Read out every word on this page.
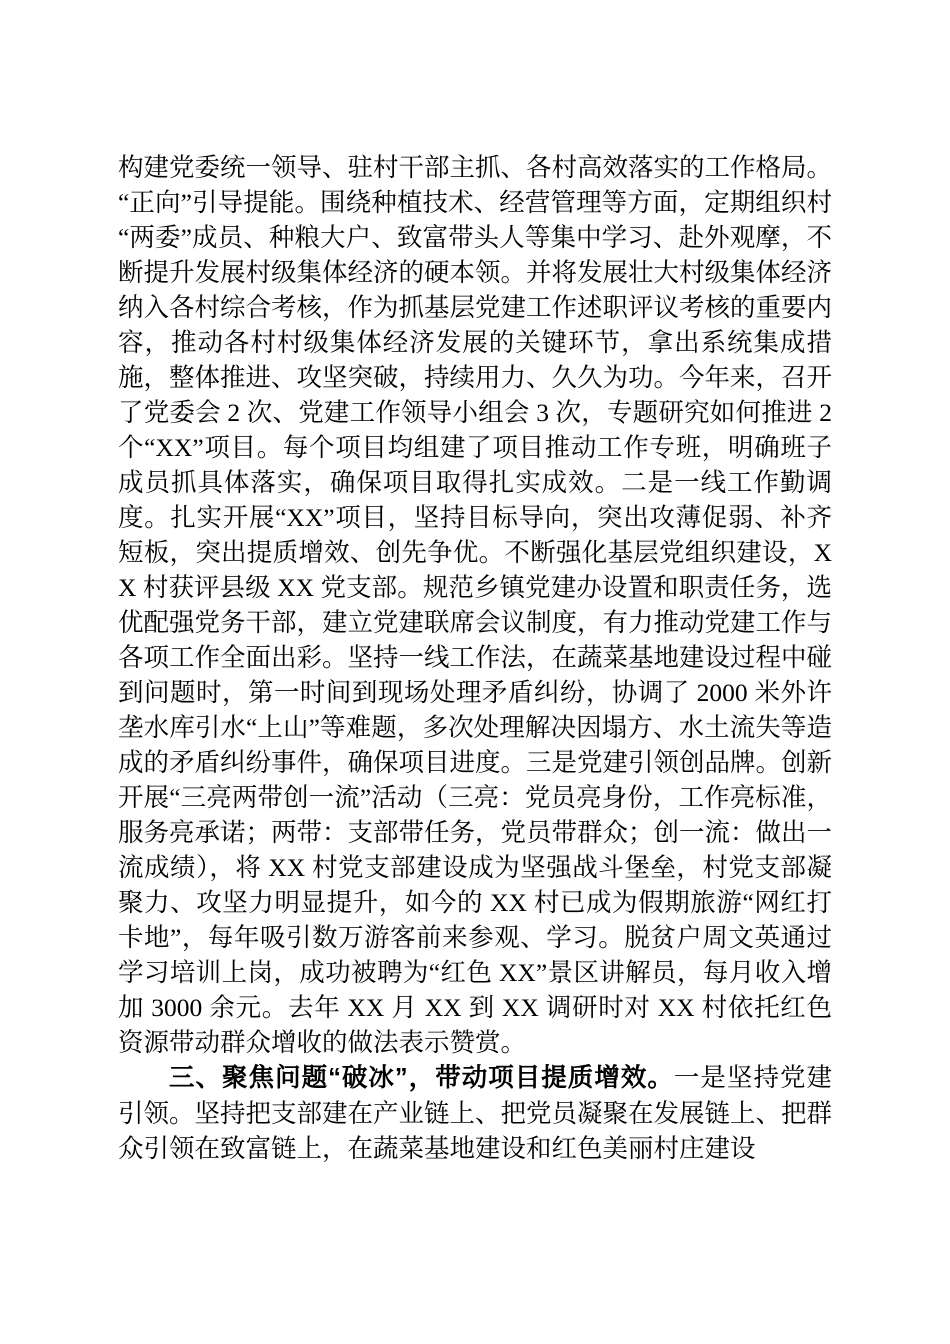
构建党委统一领导、驻村干部主抓、各村高效落实的工作格局。“正向”引导提能。围绕种植技术、经营管理等方面，定期组织村“两委”成员、种粮大户、致富带头人等集中学习、赴外观摩，不断提升发展村级集体经济的硬本领。并将发展壮大村级集体经济纳入各村综合考核，作为抓基层党建工作述职评议考核的重要内容，推动各村村级集体经济发展的关键环节，拿出系统集成措施，整体推进、攻坚突破，持续用力、久久为功。今年来，召开了党委会 2 次、党建工作领导小组会 3 次，专题研究如何推进 2 个“XX”项目。每个项目均组建了项目推动工作专班，明确班子成员抓具体落实，确保项目取得扎实成效。二是一线工作勤调度。扎实开展“XX”项目，坚持目标导向，突出攻薄促弱、补齐短板，突出提质增效、创先争优。不断强化基层党组织建设，XX 村获评县级 XX 党支部。规范乡镇党建办设置和职责任务，选优配强党务干部，建立党建联席会议制度，有力推动党建工作与各项工作全面出彩。坚持一线工作法，在蔬菜基地建设过程中碰到问题时，第一时间到现场处理矛盾纠纷，协调了 2000 米外许垄水库引水“上山”等难题，多次处理解决因塌方、水土流失等造成的矛盾纠纷事件，确保项目进度。三是党建引领创品牌。创新开展“三亮两带创一流”活动（三亮：党员亮身份，工作亮标准，服务亮承诺；两带：支部带任务，党员带群众；创一流：做出一流成绩），将 XX 村党支部建设成为坚强战斗堡垒，村党支部凝聚力、攻坚力明显提升，如今的 XX 村已成为假期旅游“网红打卡地”，每年吸引数万游客前来参观、学习。脱贫户周文英通过学习培训上岗，成功被聘为“红色 XX”景区讲解员，每月收入增加 3000 余元。去年 XX 月 XX 到 XX 调研时对 XX 村依托红色资源带动群众增收的做法表示赞赏。

三、聚焦问题“破冰”，带动项目提质增效。一是坚持党建引领。坚持把支部建在产业链上、把党员凝聚在发展链上、把群众引领在致富链上，在蔬菜基地建设和红色美丽村庄建设
